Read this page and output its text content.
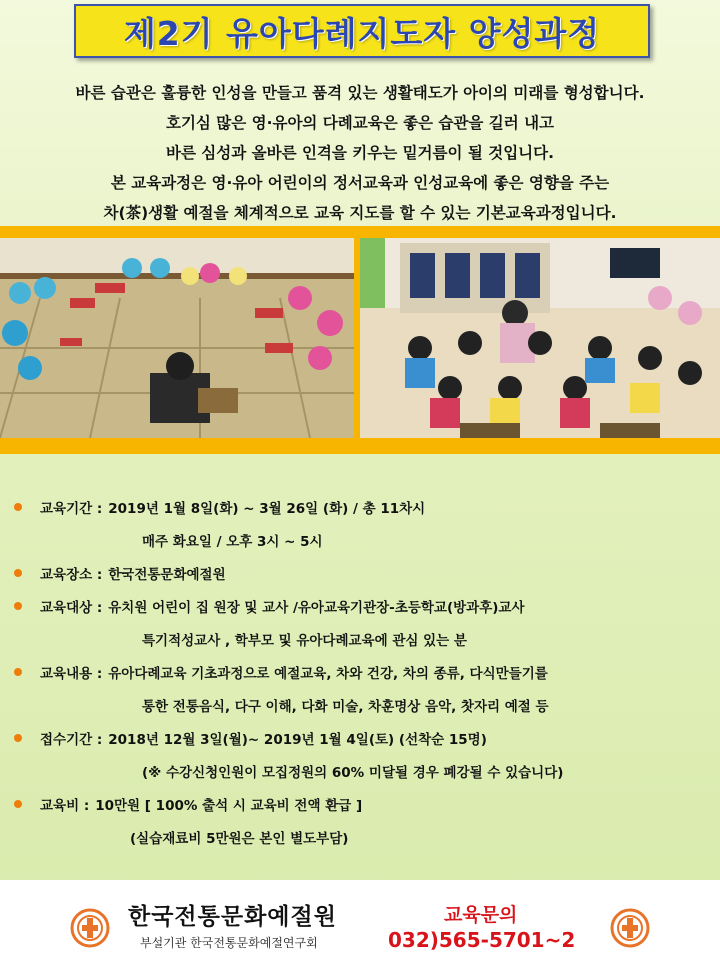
제2기 유아다례지도자 양성과정

바른 습관은 훌륭한 인성을 만들고 품격 있는 생활태도가 아이의 미래를 형성합니다.

호기심 많은 영·유아의 다례교육은 좋은 습관을 길러 내고

바른 심성과 올바른 인격을 키우는 밑거름이 될 것입니다.

본 교육과정은 영·유아 어린이의 정서교육과 인성교육에 좋은 영향을 주는

차(茶)생활 예절을 체계적으로 교육 지도를 할 수 있는 기본교육과정입니다.

교육기간 : 2019년 1월 8일(화) ~ 3월 26일 (화) / 총 11차시
매주 화요일 / 오후 3시 ~ 5시
교육장소 : 한국전통문화예절원
교육대상 : 유치원 어린이 집 원장 및 교사 /유아교육기관장-초등학교(방과후)교사
특기적성교사 , 학부모 및 유아다례교육에 관심 있는 분
교육내용 : 유아다례교육 기초과정으로 예절교육, 차와 건강, 차의 종류, 다식만들기를
통한 전통음식, 다구 이해, 다화 미술, 차훈명상 음악, 찻자리 예절 등
접수기간 : 2018년 12월 3일(월)~ 2019년 1월 4일(토) (선착순 15명)
(※ 수강신청인원이 모집정원의 60% 미달될 경우 폐강될 수 있습니다)
교육비 : 10만원 [ 100% 출석 시 교육비 전액 환급 ]
(실습재료비 5만원은 본인 별도부담)
한국전통문화예절원
부설기관 한국전통문화예절연구회
교육문의
032)565-5701~2
